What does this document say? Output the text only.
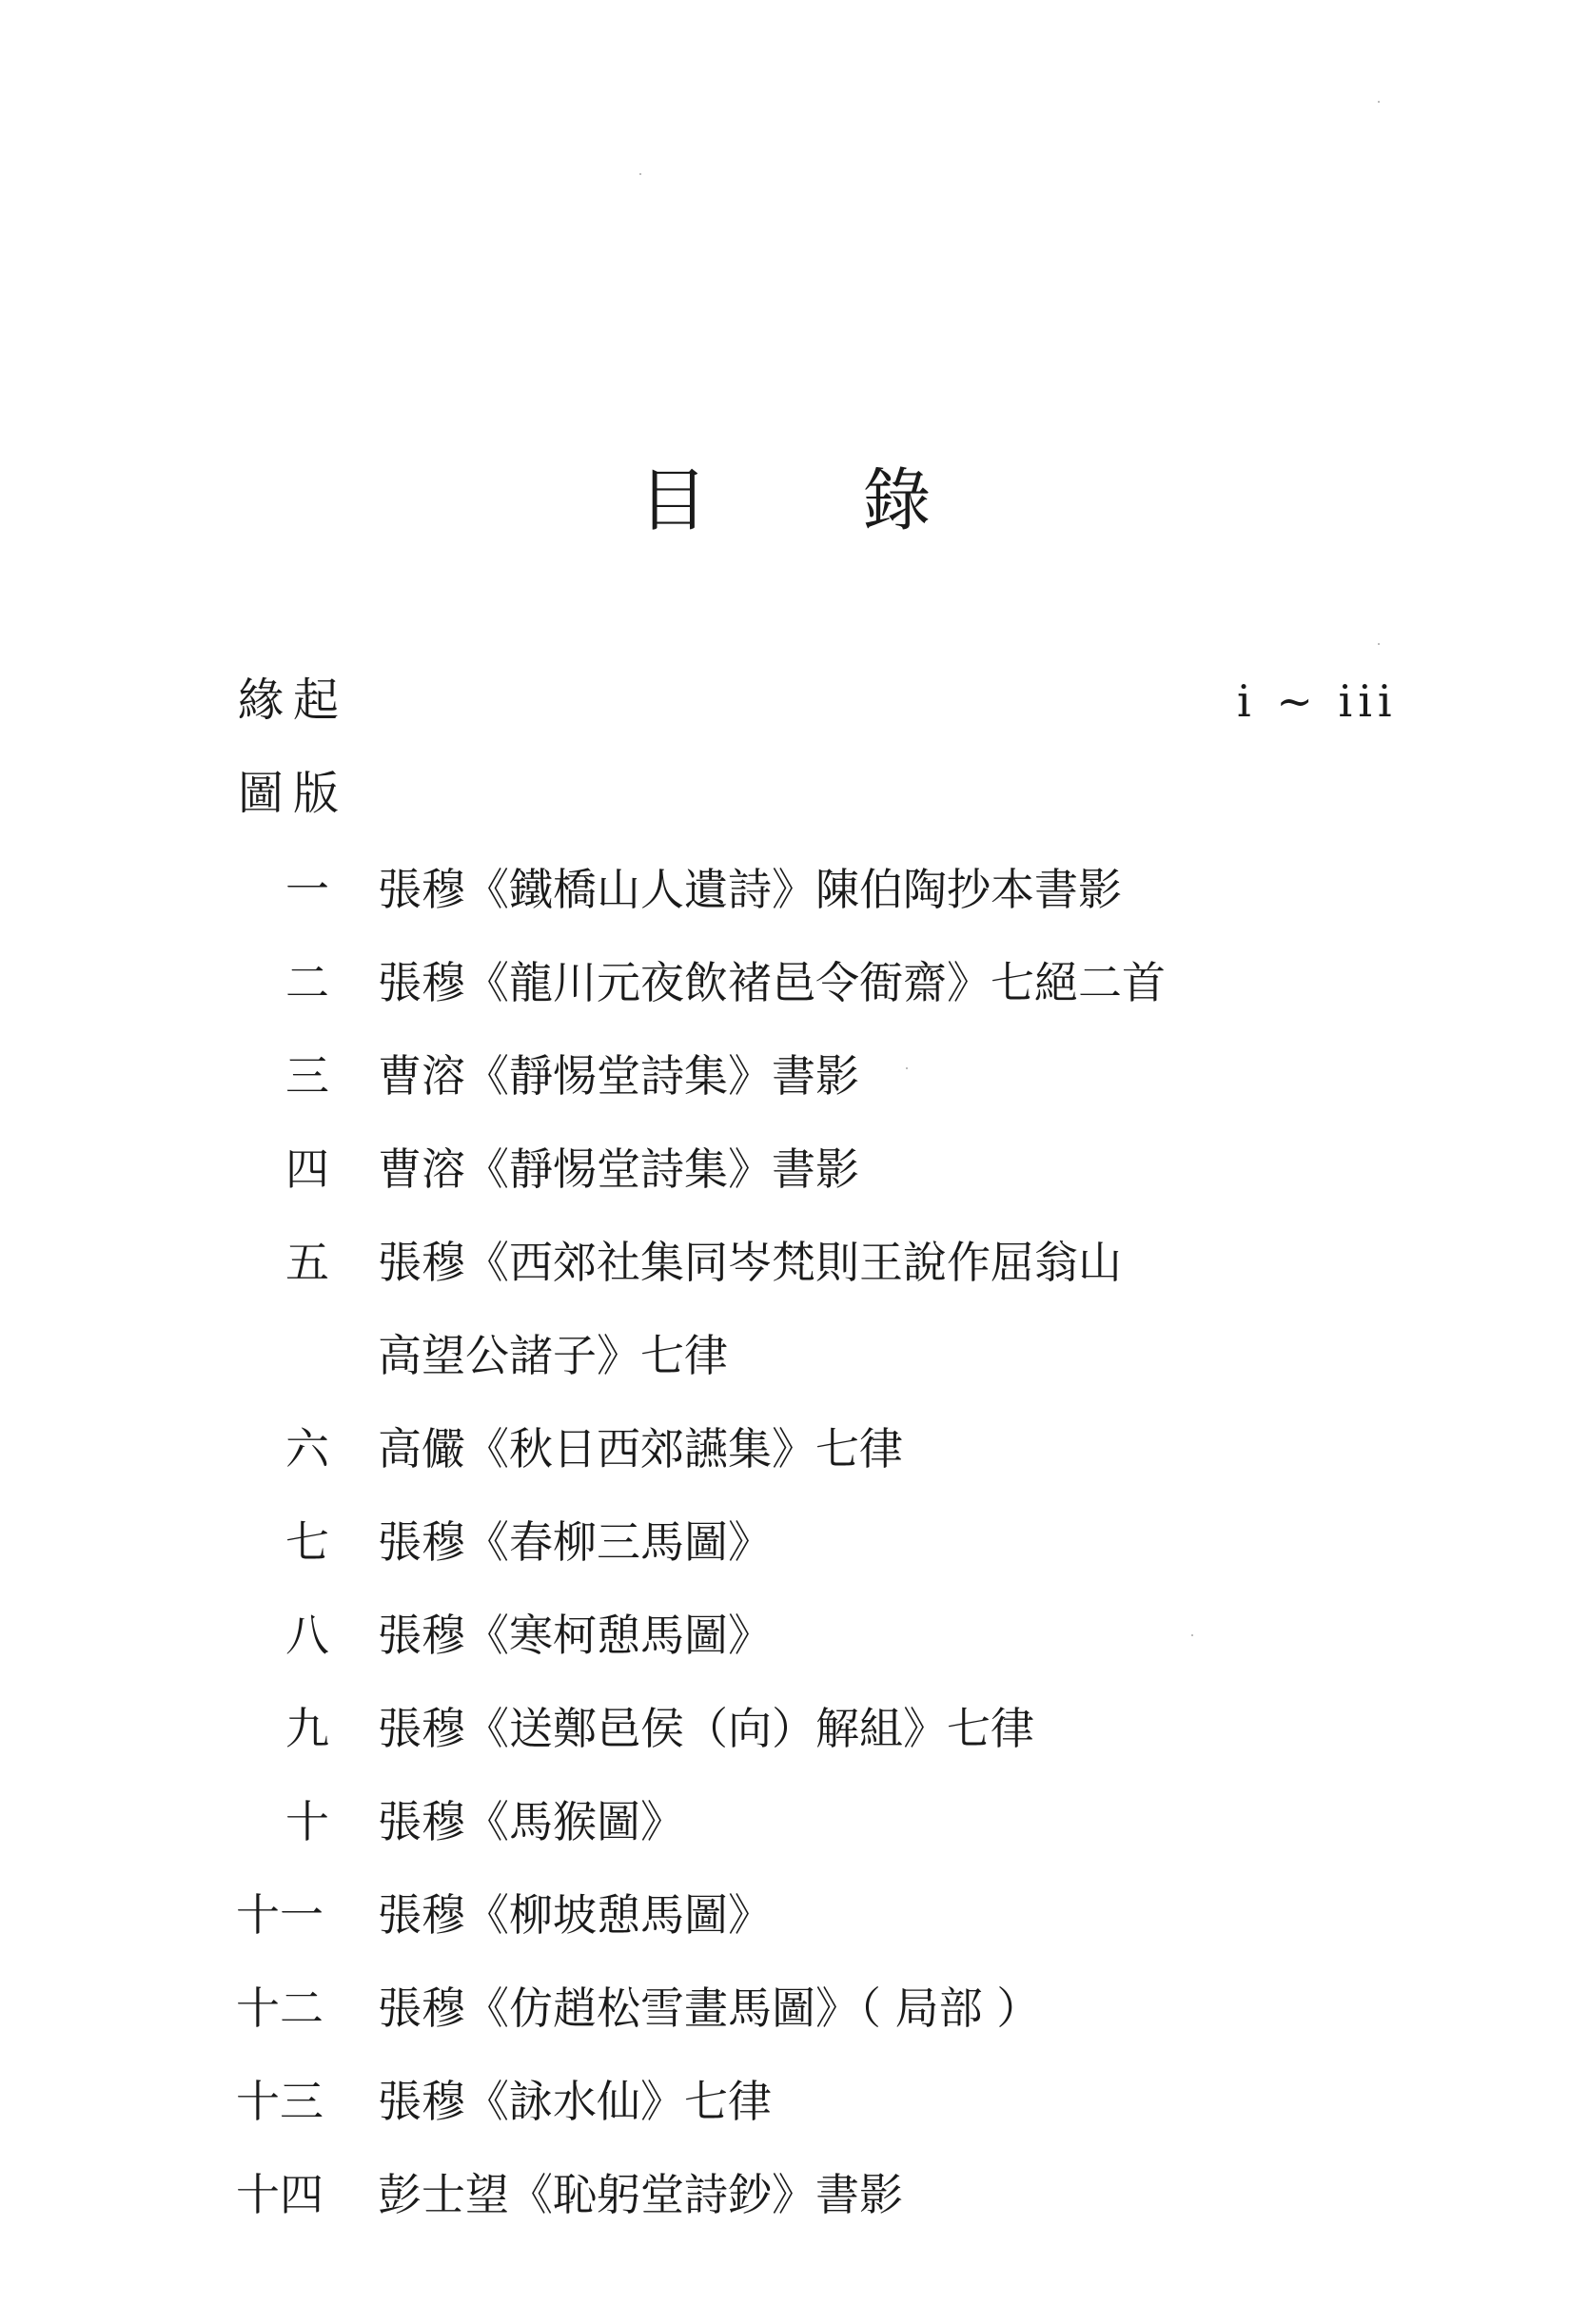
目 錄
緣起	i ~ iii
圖版
一 張穆《鐵橋山人遺詩》陳伯陶抄本書影
二 張穆《龍川元夜飲褚邑令衙齋》七絕二首
三 曹溶《靜惕堂詩集》書影
四 曹溶《靜惕堂詩集》書影
五 張穆《西郊社集同岑梵則王說作屈翁山
高望公諸子》七律
六 高儼《秋日西郊讌集》七律
七 張穆《春柳三馬圖》
八 張穆《寒柯憩馬圖》
九 張穆《送鄭邑侯（向）解組》七律
十 張穆《馬猴圖》
十一 張穆《柳坡憩馬圖》
十二 張穆《仿趙松雪畫馬圖》（ 局部 ）
十三 張穆《詠水仙》七律
十四 彭士望《恥躬堂詩鈔》書影
